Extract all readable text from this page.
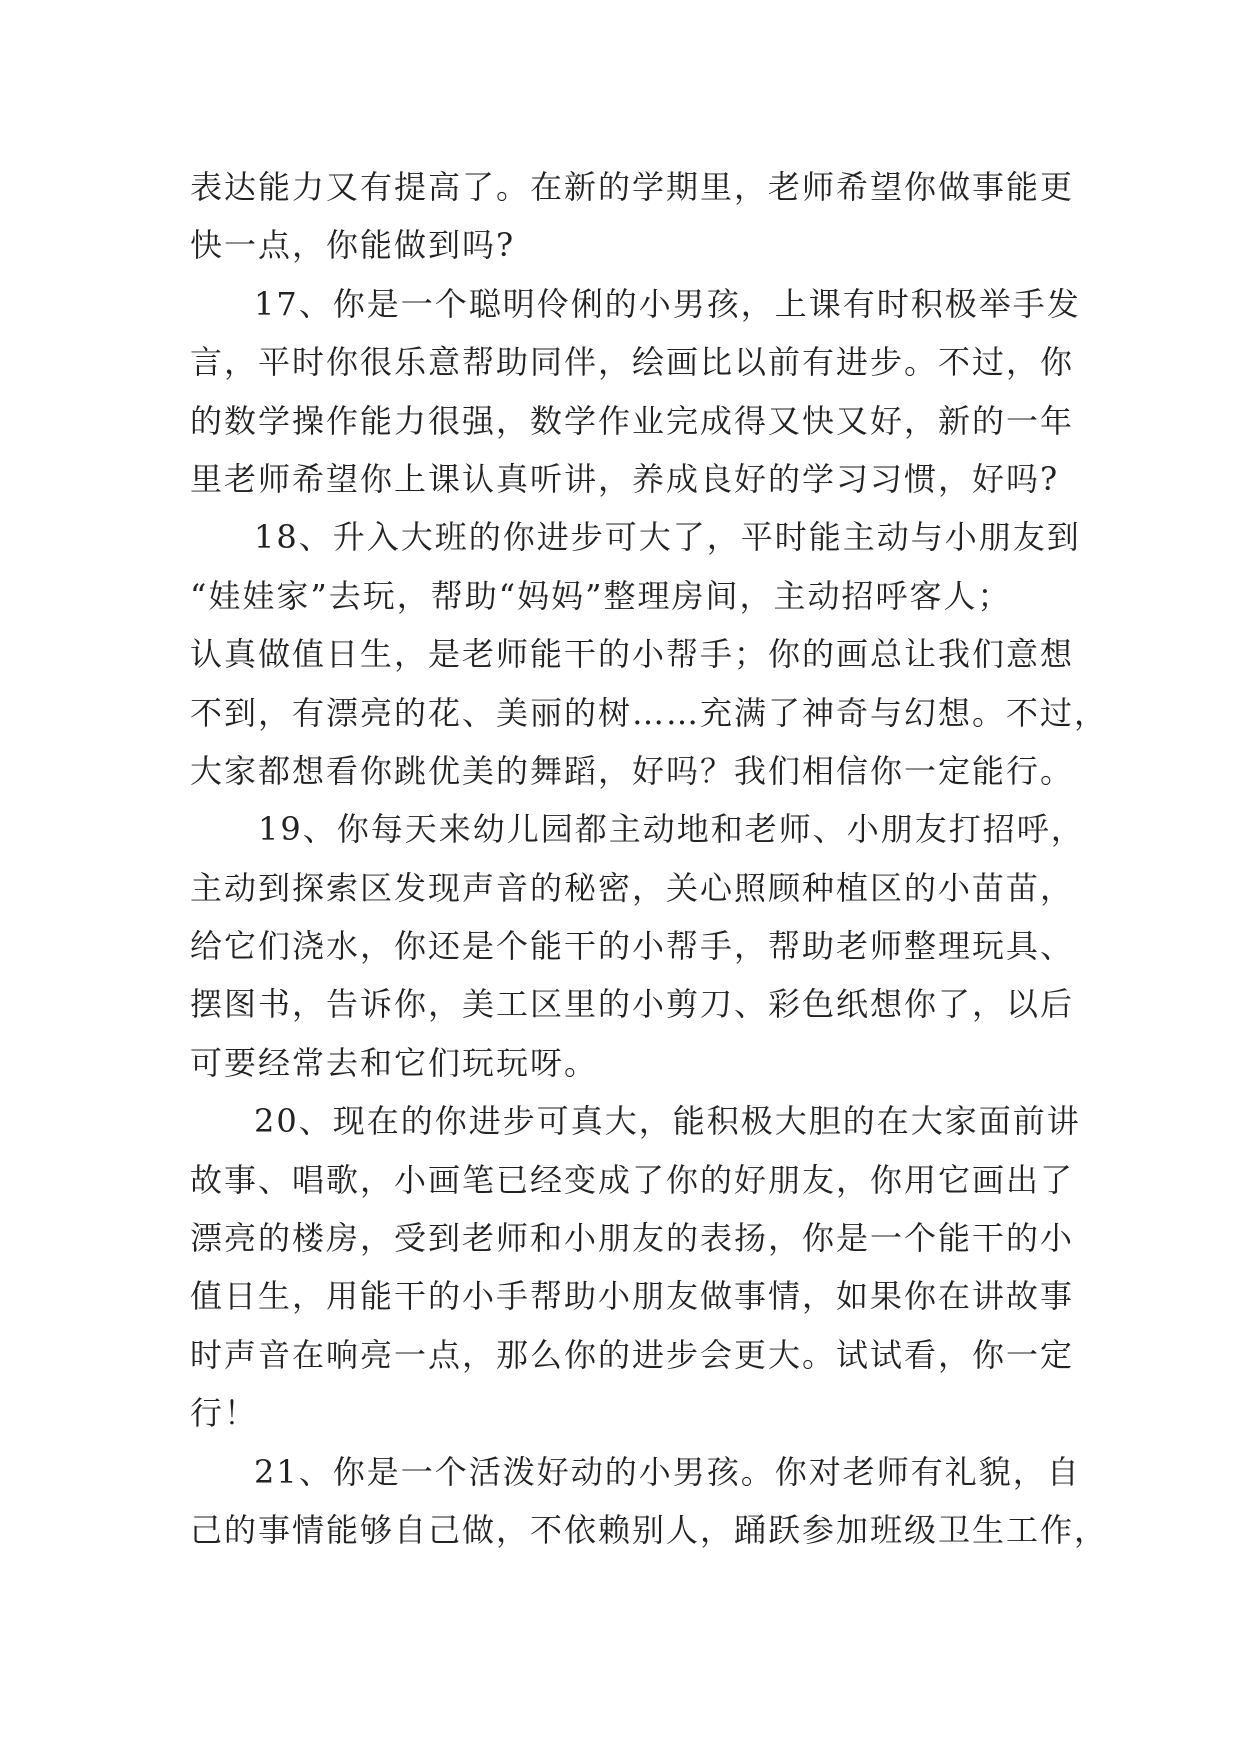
表达能力又有提高了。在新的学期里，老师希望你做事能更
快一点，你能做到吗?
17、你是一个聪明伶俐的小男孩，上课有时积极举手发
言，平时你很乐意帮助同伴，绘画比以前有进步。不过，你
的数学操作能力很强，数学作业完成得又快又好，新的一年
里老师希望你上课认真听讲，养成良好的学习习惯，好吗?
18、升入大班的你进步可大了，平时能主动与小朋友到
“娃娃家”去玩，帮助“妈妈”整理房间，主动招呼客人；
认真做值日生，是老师能干的小帮手；你的画总让我们意想
不到，有漂亮的花、美丽的树……充满了神奇与幻想。不过，
大家都想看你跳优美的舞蹈，好吗？我们相信你一定能行。
19、你每天来幼儿园都主动地和老师、小朋友打招呼，
主动到探索区发现声音的秘密，关心照顾种植区的小苗苗，
给它们浇水，你还是个能干的小帮手，帮助老师整理玩具、
摆图书，告诉你，美工区里的小剪刀、彩色纸想你了，以后
可要经常去和它们玩玩呀。
20、现在的你进步可真大，能积极大胆的在大家面前讲
故事、唱歌，小画笔已经变成了你的好朋友，你用它画出了
漂亮的楼房，受到老师和小朋友的表扬，你是一个能干的小
值日生，用能干的小手帮助小朋友做事情，如果你在讲故事
时声音在响亮一点，那么你的进步会更大。试试看，你一定
行！
21、你是一个活泼好动的小男孩。你对老师有礼貌，自
己的事情能够自己做，不依赖别人，踊跃参加班级卫生工作，
